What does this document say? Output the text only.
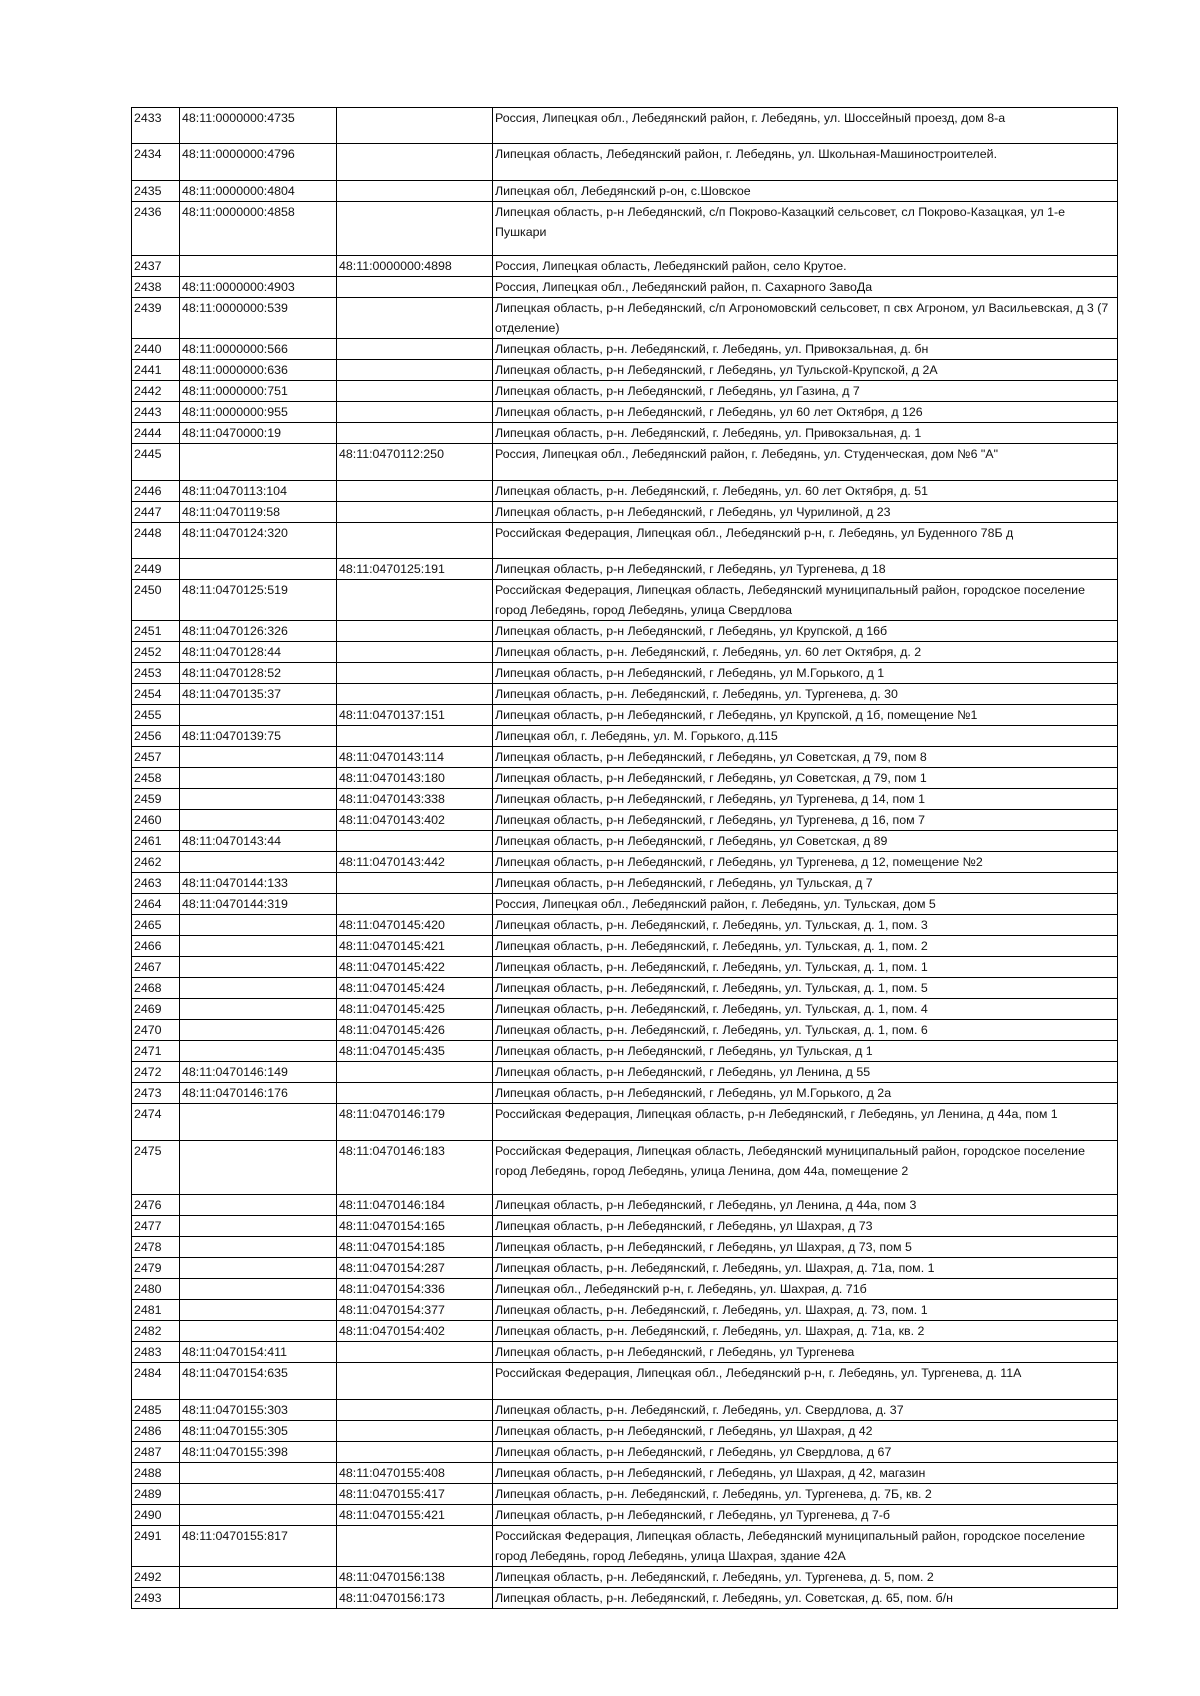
2433	48:11:0000000:4735		Россия, Липецкая обл., Лебедянский район, г. Лебедянь, ул. Шоссейный проезд, дом 8-а
2434	48:11:0000000:4796		Липецкая область, Лебедянский район, г. Лебедянь, ул. Школьная-Машиностроителей.
2435	48:11:0000000:4804		Липецкая обл, Лебедянский р-он, с.Шовское
2436	48:11:0000000:4858		Липецкая область, р-н Лебедянский, с/п Покрово-Казацкий сельсовет, сл Покрово-Казацкая, ул 1-е Пушкари
2437		48:11:0000000:4898	Россия, Липецкая область, Лебедянский район, село Крутое.
2438	48:11:0000000:4903		Россия, Липецкая обл., Лебедянский район, п. Сахарного ЗавоДа
2439	48:11:0000000:539		Липецкая область, р-н Лебедянский, с/п Агрономовский сельсовет, п свх Агроном, ул Васильевская, д 3 (7 отделение)
2440	48:11:0000000:566		Липецкая область, р-н. Лебедянский, г. Лебедянь, ул. Привокзальная, д. бн
2441	48:11:0000000:636		Липецкая область, р-н Лебедянский, г Лебедянь, ул Тульской-Крупской, д 2А
2442	48:11:0000000:751		Липецкая область, р-н Лебедянский, г Лебедянь, ул Газина, д 7
2443	48:11:0000000:955		Липецкая область, р-н Лебедянский, г Лебедянь, ул 60 лет Октября, д 126
2444	48:11:0470000:19		Липецкая область, р-н. Лебедянский, г. Лебедянь, ул. Привокзальная, д. 1
2445		48:11:0470112:250	Россия, Липецкая обл., Лебедянский район, г. Лебедянь, ул. Студенческая, дом №6 "А"
2446	48:11:0470113:104		Липецкая область, р-н. Лебедянский, г. Лебедянь, ул. 60 лет Октября, д. 51
2447	48:11:0470119:58		Липецкая область, р-н Лебедянский, г Лебедянь, ул Чурилиной, д 23
2448	48:11:0470124:320		Российская Федерация, Липецкая обл., Лебедянский р-н, г. Лебедянь, ул Буденного 78Б д
2449		48:11:0470125:191	Липецкая область, р-н Лебедянский, г Лебедянь, ул Тургенева, д 18
2450	48:11:0470125:519		Российская Федерация, Липецкая область, Лебедянский муниципальный район, городское поселение город Лебедянь, город Лебедянь, улица Свердлова
2451	48:11:0470126:326		Липецкая область, р-н Лебедянский, г Лебедянь, ул Крупской, д 16б
2452	48:11:0470128:44		Липецкая область, р-н. Лебедянский, г. Лебедянь, ул. 60 лет Октября, д. 2
2453	48:11:0470128:52		Липецкая область, р-н Лебедянский, г Лебедянь, ул М.Горького, д 1
2454	48:11:0470135:37		Липецкая область, р-н. Лебедянский, г. Лебедянь, ул. Тургенева, д. 30
2455		48:11:0470137:151	Липецкая область, р-н Лебедянский, г Лебедянь, ул Крупской, д 1б, помещение №1
2456	48:11:0470139:75		Липецкая обл, г. Лебедянь, ул. М. Горького, д.115
2457		48:11:0470143:114	Липецкая область, р-н Лебедянский, г Лебедянь, ул Советская, д 79, пом 8
2458		48:11:0470143:180	Липецкая область, р-н Лебедянский, г Лебедянь, ул Советская, д 79, пом 1
2459		48:11:0470143:338	Липецкая область, р-н Лебедянский, г Лебедянь, ул Тургенева, д 14, пом 1
2460		48:11:0470143:402	Липецкая область, р-н Лебедянский, г Лебедянь, ул Тургенева, д 16, пом 7
2461	48:11:0470143:44		Липецкая область, р-н Лебедянский, г Лебедянь, ул Советская, д 89
2462		48:11:0470143:442	Липецкая область, р-н Лебедянский, г Лебедянь, ул Тургенева, д 12, помещение №2
2463	48:11:0470144:133		Липецкая область, р-н Лебедянский, г Лебедянь, ул Тульская, д 7
2464	48:11:0470144:319		Россия, Липецкая обл., Лебедянский район, г. Лебедянь, ул. Тульская, дом 5
2465		48:11:0470145:420	Липецкая область, р-н. Лебедянский, г. Лебедянь, ул. Тульская, д. 1, пом. 3
2466		48:11:0470145:421	Липецкая область, р-н. Лебедянский, г. Лебедянь, ул. Тульская, д. 1, пом. 2
2467		48:11:0470145:422	Липецкая область, р-н. Лебедянский, г. Лебедянь, ул. Тульская, д. 1, пом. 1
2468		48:11:0470145:424	Липецкая область, р-н. Лебедянский, г. Лебедянь, ул. Тульская, д. 1, пом. 5
2469		48:11:0470145:425	Липецкая область, р-н. Лебедянский, г. Лебедянь, ул. Тульская, д. 1, пом. 4
2470		48:11:0470145:426	Липецкая область, р-н. Лебедянский, г. Лебедянь, ул. Тульская, д. 1, пом. 6
2471		48:11:0470145:435	Липецкая область, р-н Лебедянский, г Лебедянь, ул Тульская, д 1
2472	48:11:0470146:149		Липецкая область, р-н Лебедянский, г Лебедянь, ул Ленина, д 55
2473	48:11:0470146:176		Липецкая область, р-н Лебедянский, г Лебедянь, ул М.Горького, д 2а
2474		48:11:0470146:179	Российская Федерация, Липецкая область, р-н Лебедянский, г Лебедянь, ул Ленина, д 44а, пом 1
2475		48:11:0470146:183	Российская Федерация, Липецкая область, Лебедянский муниципальный район, городское поселение город Лебедянь, город Лебедянь, улица Ленина, дом 44а, помещение 2
2476		48:11:0470146:184	Липецкая область, р-н Лебедянский, г Лебедянь, ул Ленина, д 44а, пом 3
2477		48:11:0470154:165	Липецкая область, р-н Лебедянский, г Лебедянь, ул Шахрая, д 73
2478		48:11:0470154:185	Липецкая область, р-н Лебедянский, г Лебедянь, ул Шахрая, д 73, пом 5
2479		48:11:0470154:287	Липецкая область, р-н. Лебедянский, г. Лебедянь, ул. Шахрая, д. 71а, пом. 1
2480		48:11:0470154:336	Липецкая обл., Лебедянский р-н, г. Лебедянь, ул. Шахрая, д. 71б
2481		48:11:0470154:377	Липецкая область, р-н. Лебедянский, г. Лебедянь, ул. Шахрая, д. 73, пом. 1
2482		48:11:0470154:402	Липецкая область, р-н. Лебедянский, г. Лебедянь, ул. Шахрая, д. 71а, кв. 2
2483	48:11:0470154:411		Липецкая область, р-н Лебедянский, г Лебедянь, ул Тургенева
2484	48:11:0470154:635		Российская Федерация, Липецкая обл., Лебедянский р-н, г. Лебедянь, ул. Тургенева, д. 11А
2485	48:11:0470155:303		Липецкая область, р-н. Лебедянский, г. Лебедянь, ул. Свердлова, д. 37
2486	48:11:0470155:305		Липецкая область, р-н Лебедянский, г Лебедянь, ул Шахрая, д 42
2487	48:11:0470155:398		Липецкая область, р-н Лебедянский, г Лебедянь, ул Свердлова, д 67
2488		48:11:0470155:408	Липецкая область, р-н Лебедянский, г Лебедянь, ул Шахрая, д 42, магазин
2489		48:11:0470155:417	Липецкая область, р-н. Лебедянский, г. Лебедянь, ул. Тургенева, д. 7Б, кв. 2
2490		48:11:0470155:421	Липецкая область, р-н Лебедянский, г Лебедянь, ул Тургенева, д 7-б
2491	48:11:0470155:817		Российская Федерация, Липецкая область, Лебедянский муниципальный район, городское поселение город Лебедянь, город Лебедянь, улица Шахрая, здание 42А
2492		48:11:0470156:138	Липецкая область, р-н. Лебедянский, г. Лебедянь, ул. Тургенева, д. 5, пом. 2
2493		48:11:0470156:173	Липецкая область, р-н. Лебедянский, г. Лебедянь, ул. Советская, д. 65, пом. б/н
